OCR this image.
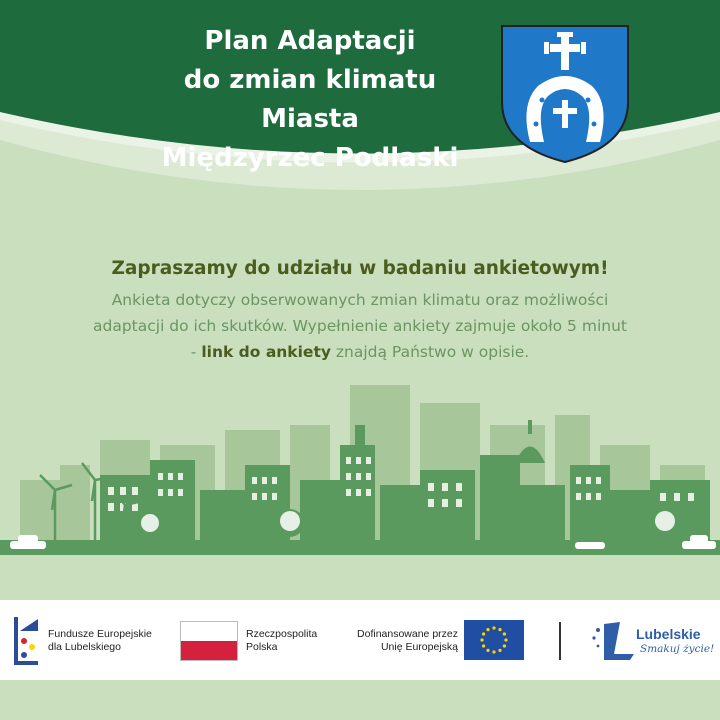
Plan Adaptacji
do zmian klimatu
Miasta
Międzyrzec Podlaski
Zapraszamy do udziału w badaniu ankietowym!
Ankieta dotyczy obserwowanych zmian klimatu oraz możliwości
adaptacji do ich skutków. Wypełnienie ankiety zajmuje około 5 minut
- link do ankiety znajdą Państwo w opisie.
Fundusze Europejskie
dla Lubelskiego
Rzeczpospolita
Polska
Dofinansowane przez
Unię Europejską
Lubelskie
Smakuj życie!
